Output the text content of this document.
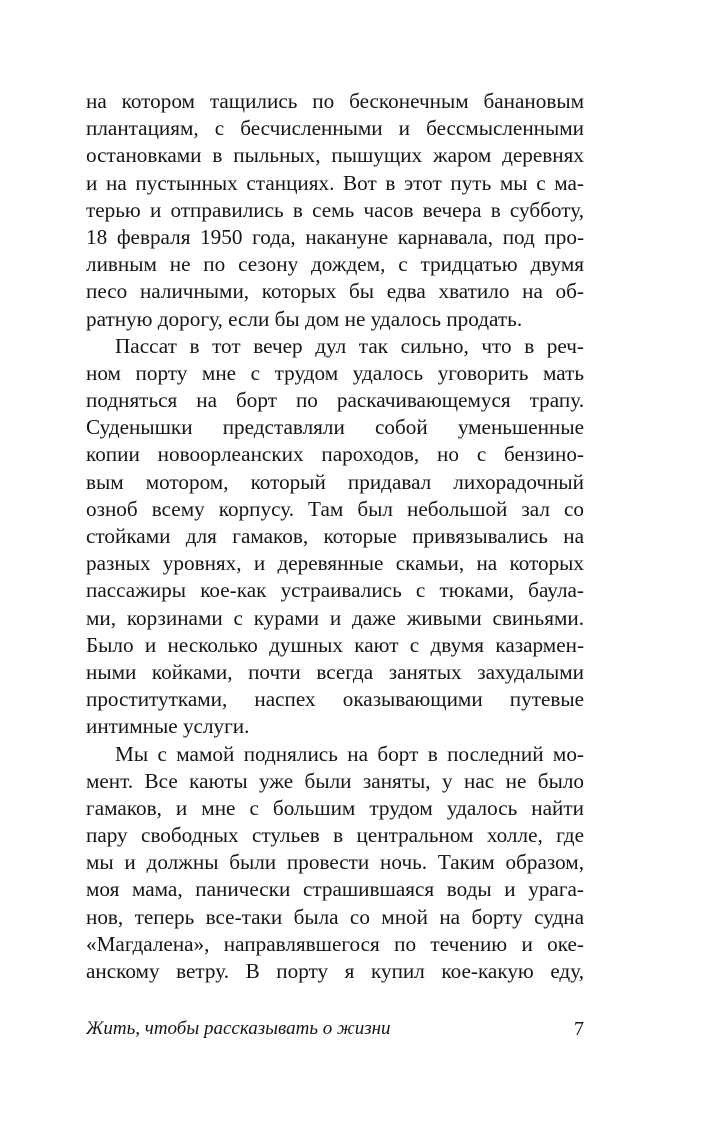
на котором тащились по бесконечным банановым
плантациям, с бесчисленными и бессмысленными
остановками в пыльных, пышущих жаром деревнях
и на пустынных станциях. Вот в этот путь мы с ма-
терью и отправились в семь часов вечера в субботу,
18 февраля 1950 года, накануне карнавала, под про-
ливным не по сезону дождем, с тридцатью двумя
песо наличными, которых бы едва хватило на об-
ратную дорогу, если бы дом не удалось продать.
Пассат в тот вечер дул так сильно, что в реч-
ном порту мне с трудом удалось уговорить мать
подняться на борт по раскачивающемуся трапу.
Суденышки представляли собой уменьшенные
копии новоорлеанских пароходов, но с бензино-
вым мотором, который придавал лихорадочный
озноб всему корпусу. Там был небольшой зал со
стойками для гамаков, которые привязывались на
разных уровнях, и деревянные скамьи, на которых
пассажиры кое-как устраивались с тюками, баула-
ми, корзинами с курами и даже живыми свиньями.
Было и несколько душных кают с двумя казармен-
ными койками, почти всегда занятых захудалыми
проститутками, наспех оказывающими путевые
интимные услуги.
Мы с мамой поднялись на борт в последний мо-
мент. Все каюты уже были заняты, у нас не было
гамаков, и мне с большим трудом удалось найти
пару свободных стульев в центральном холле, где
мы и должны были провести ночь. Таким образом,
моя мама, панически страшившаяся воды и урага-
нов, теперь все-таки была со мной на борту судна
«Магдалена», направлявшегося по течению и оке-
анскому ветру. В порту я купил кое-какую еду,
Жить, чтобы рассказывать о жизни	7
